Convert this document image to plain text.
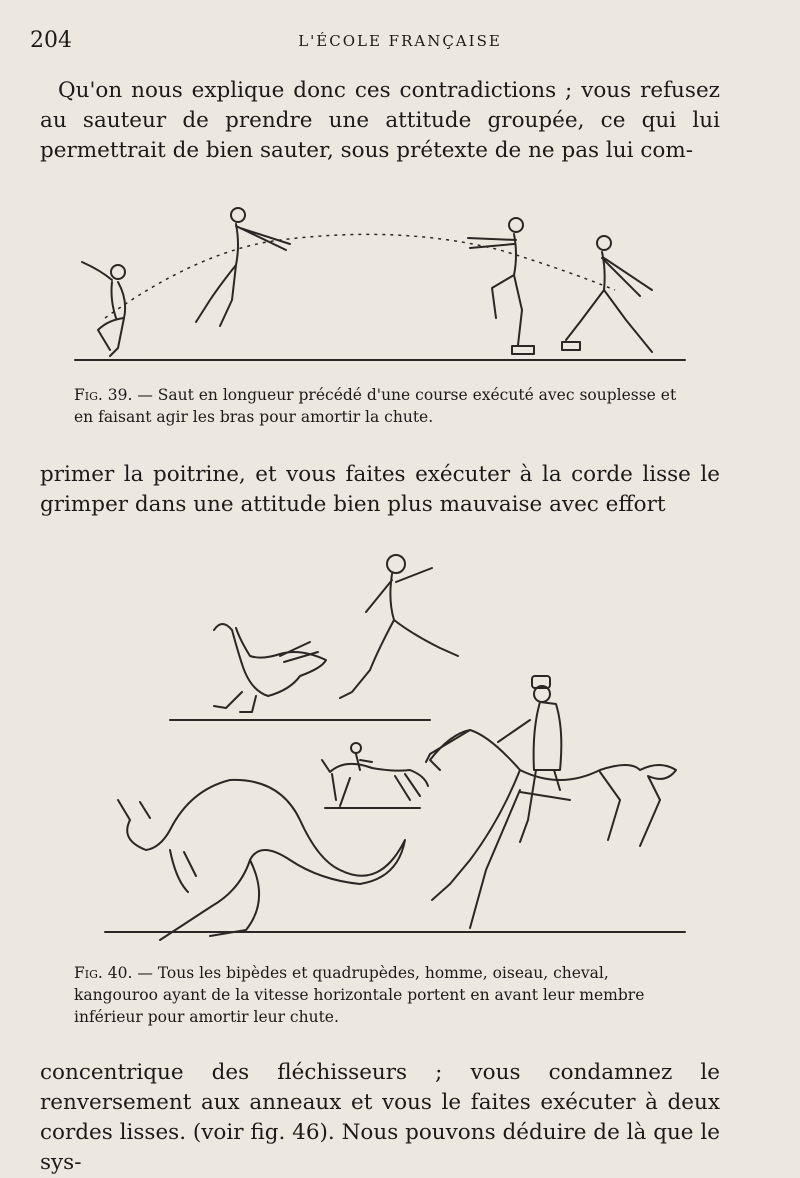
204	L'ÉCOLE FRANÇAISE
Qu'on nous explique donc ces contradictions ; vous refusez au sauteur de prendre une attitude groupée, ce qui lui permettrait de bien sauter, sous prétexte de ne pas lui com-
Fig. 39. — Saut en longueur précédé d'une course exécuté avec souplesse et en faisant agir les bras pour amortir la chute.
primer la poitrine, et vous faites exécuter à la corde lisse le grimper dans une attitude bien plus mauvaise avec effort
Fig. 40. — Tous les bipèdes et quadrupèdes, homme, oiseau, cheval, kangouroo ayant de la vitesse horizontale portent en avant leur membre inférieur pour amortir leur chute.
concentrique des fléchisseurs ; vous condamnez le renversement aux anneaux et vous le faites exécuter à deux cordes lisses. (voir fig. 46). Nous pouvons déduire de là que le sys-
